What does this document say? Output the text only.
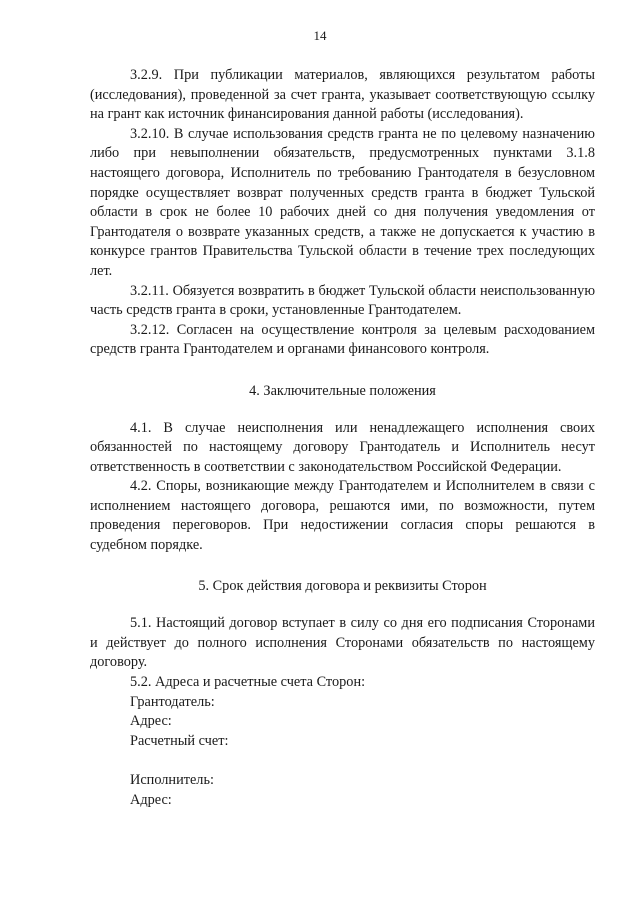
14

3.2.9. При публикации материалов, являющихся результатом работы (исследования), проведенной за счет гранта, указывает соответствующую ссылку на грант как источник финансирования данной работы (исследования).

3.2.10. В случае использования средств гранта не по целевому назначению либо при невыполнении обязательств, предусмотренных пунктами 3.1.8 настоящего договора, Исполнитель по требованию Грантодателя в безусловном порядке осуществляет возврат полученных средств гранта в бюджет Тульской области в срок не более 10 рабочих дней со дня получения уведомления от Грантодателя о возврате указанных средств, а также не допускается к участию в конкурсе грантов Правительства Тульской области в течение трех последующих лет.

3.2.11. Обязуется возвратить в бюджет Тульской области неиспользованную часть средств гранта в сроки, установленные Грантодателем.

3.2.12. Согласен на осуществление контроля за целевым расходованием средств гранта Грантодателем и органами финансового контроля.

4. Заключительные положения

4.1. В случае неисполнения или ненадлежащего исполнения своих обязанностей по настоящему договору Грантодатель и Исполнитель несут ответственность в соответствии с законодательством Российской Федерации.

4.2. Споры, возникающие между Грантодателем и Исполнителем в связи с исполнением настоящего договора, решаются ими, по возможности, путем проведения переговоров. При недостижении согласия споры решаются в судебном порядке.

5. Срок действия договора и реквизиты Сторон

5.1. Настоящий договор вступает в силу со дня его подписания Сторонами и действует до полного исполнения Сторонами обязательств по настоящему договору.

5.2. Адреса и расчетные счета Сторон:

Грантодатель:

Адрес:

Расчетный счет:

Исполнитель:

Адрес:
